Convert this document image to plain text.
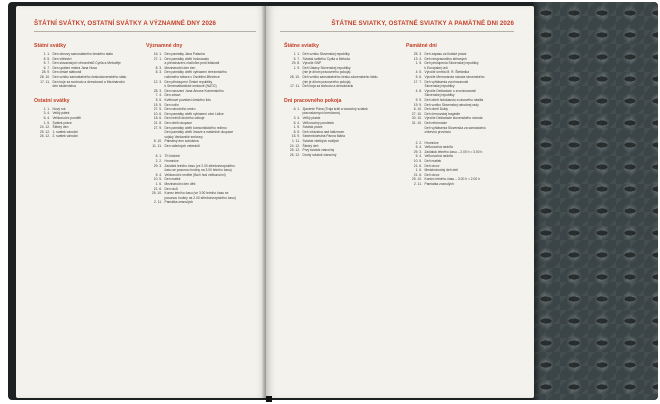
ŠTÁTNÍ SVÁTKY, OSTATNÍ SVÁTKY A VÝZNAMNÉ DNY 2026
Státní svátky
1. 1. Den obnovy samostatného českého státu
8. 5. Den vítězství
5. 7. Den slovanských věrozvěstů Cyrila a Metoděje
6. 7. Den upálení mistra Jana Husa
28. 9. Den české státnosti
28. 10. Den vzniku samostatného československého státu
17. 11. Den boje za svobodu a demokracii a Mezinárodní
den studentstva
Ostatní svátky
1. 1. Nový rok
3. 4. Velký pátek
6. 4. Velikonoční pondělí
1. 5. Svátek práce
24. 12. Štědrý den
25. 12. 1. svátek vánoční
26. 12. 2. svátek vánoční
Významné dny
16. 1. Den památky Jana Palacha
27. 1. Den památky obětí holocaustu
a předcházení zločinům proti lidskosti
8. 3. Mezinárodní den žen
8. 3. Den památky obětí vyhlazení terezínského
rodinného tábora v Osvětimi-Březince
12. 3. Den přistoupení České republiky
k Severoatlantické smlouvě (NATO)
28. 3. Den narození Jana Ámose Komenského
7. 4. Den zdraví
5. 5. Květnové povstání českého lidu
15. 5. Den rodin
27. 5. Den národního smíru
10. 6. Den památky obětí vyhlazení obcí Lidice
18. 6. Den hrdinů druhého odboje
21. 8. Den oběti okupace
27. 9. Den památky obětí komunistického režimu
Den památky obětí invaze a následné okupace
vojsky Varšavské smlouvy
8. 10. Památný den sokolstva
11. 11. Den válečných veteránů
6. 1. Tři králové
2. 2. Hromnice
29. 3. Začátek letního času (ve 2.00 středoevropského
času se posunou hodiny na 3.00 letního času)
5. 4. Velikonoční neděle (Boží hod velikonoční)
10. 5. Den matek
1. 6. Mezinárodní den dětí
21. 6. Den otců
25. 10. Konec letního času (ve 3.00 letního času se
posunou hodiny na 2.00 středoevropského času)
2. 11. Památka zesnulých
ŠTÁTNE SVIATKY, OSTATNÉ SVIATKY A PAMÄTNÉ DNI 2026
Štátne sviatky
1. 1. Deň vzniku Slovenskej republiky
5. 7. Sviatok svätého Cyrila a Metoda
29. 8. Výročie SNP
1. 9. Deň Ústavy Slovenskej republiky
(nie je dňom pracovného pokoja)
28. 10. Deň vzniku samostatného česko-slovenského štátu
(nie je dňom pracovného pokoja)
17. 11. Deň boja za slobodu a demokraciu
Dni pracovného pokoja
6. 1. Zjavenie Pána (Traja králi a vianočný sviatok
pravoslávnych kresťanov)
3. 4. Veľký piatok
6. 4. Veľkonočný pondelok
1. 5. Sviatok práce
8. 5. Deň víťazstva nad fašizmom
15. 9. Sedembolestná Panna Mária
1. 11. Sviatok všetkých svätých
24. 12. Štedrý deň
25. 12. Prvý sviatok vianočný
26. 12. Druhý sviatok vianočný
Pamätné dni
25. 3. Deň zápasu za ľudské práva
13. 4. Deň nespravodlivo stíhaných
1. 5. Deň pristúpenia Slovenskej republiky
k Európskej únii
4. 5. Výročie úmrtia M. R. Štefánika
5. 6. Výročie Memoranda národa slovenského
17. 7. Deň vyhlásenia zvrchovanosti
Slovenskej republiky
4. 8. Výročie Deklarácie o zvrchovanosti
Slovenskej republiky
9. 9. Deň obetí holokaustu a rasového násilia
19. 9. Deň vzniku Slovenskej národnej rady
6. 10. Deň obetí Dukly
27. 10. Deň černovskej tragédie
30. 10. Výročie Deklarácie slovenského národa
31. 10. Deň reformácie
Deň vyhlásenia Slovenska za samostatnú
cirkevnú provinciu
2. 2. Hromnice
5. 4. Veľkonočná nedeľa
29. 3. Začiatok letného času – 2.00 h = 3.00 h
5. 4. Veľkonočná nedeľa
10. 5. Deň matiek
21. 6. Deň otcov
1. 6. Medzinárodný deň detí
21. 6. Deň otcov
25. 10. Koniec letného času – 3.00 h = 2.00 h
2. 11. Pamiatka zosnulých
